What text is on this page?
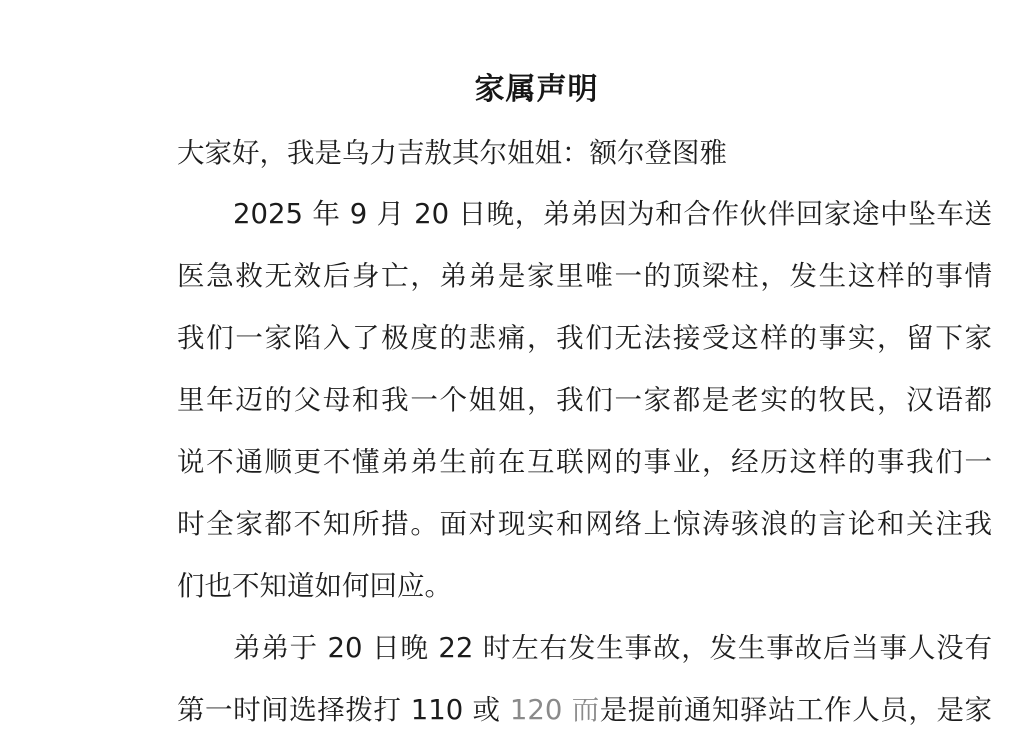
家属声明
大家好，我是乌力吉敖其尔姐姐：额尔登图雅
2025 年 9 月 20 日晚，弟弟因为和合作伙伴回家途中坠车送
医急救无效后身亡，弟弟是家里唯一的顶梁柱，发生这样的事情
我们一家陷入了极度的悲痛，我们无法接受这样的事实，留下家
里年迈的父母和我一个姐姐，我们一家都是老实的牧民，汉语都
说不通顺更不懂弟弟生前在互联网的事业，经历这样的事我们一
时全家都不知所措。面对现实和网络上惊涛骇浪的言论和关注我
们也不知道如何回应。
弟弟于 20 日晚 22 时左右发生事故，发生事故后当事人没有
第一时间选择拨打 110 或 120 而是提前通知驿站工作人员，是家
